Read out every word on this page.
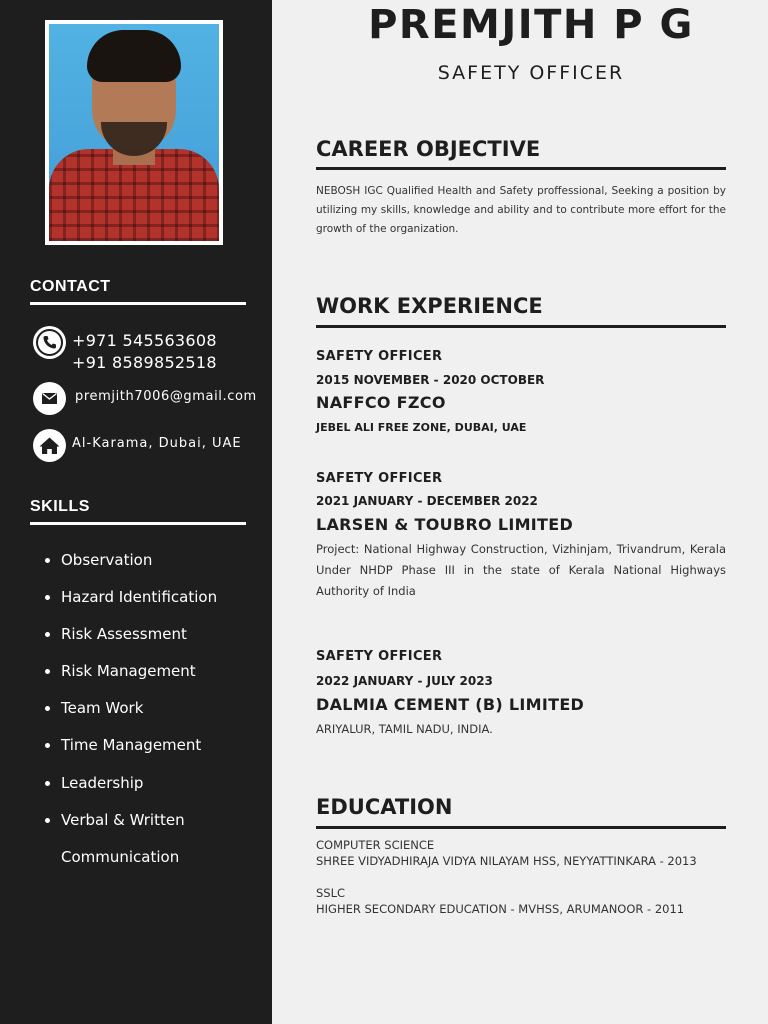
CONTACT
+971 545563608
+91 8589852518
premjith7006@gmail.com
Al-Karama, Dubai, UAE
SKILLS
Observation
Hazard Identification
Risk Assessment
Risk Management
Team Work
Time Management
Leadership
Verbal & Written
Communication
PREMJITH P G
SAFETY OFFICER
CAREER OBJECTIVE
NEBOSH IGC Qualified Health and Safety proffessional, Seeking a position by utilizing my skills, knowledge and ability and to contribute more effort for the growth of the organization.
WORK EXPERIENCE
SAFETY OFFICER
2015 NOVEMBER - 2020 OCTOBER
NAFFCO FZCO
JEBEL ALI FREE ZONE, DUBAI, UAE
SAFETY OFFICER
2021 JANUARY - DECEMBER 2022
LARSEN & TOUBRO LIMITED
Project: National Highway Construction, Vizhinjam, Trivandrum, Kerala Under NHDP Phase III in the state of Kerala National Highways Authority of India
SAFETY OFFICER
2022 JANUARY - JULY 2023
DALMIA CEMENT (B) LIMITED
ARIYALUR, TAMIL NADU, INDIA.
EDUCATION
COMPUTER SCIENCE
SHREE VIDYADHIRAJA VIDYA NILAYAM HSS, NEYYATTINKARA - 2013
SSLC
HIGHER SECONDARY EDUCATION - MVHSS, ARUMANOOR - 2011
